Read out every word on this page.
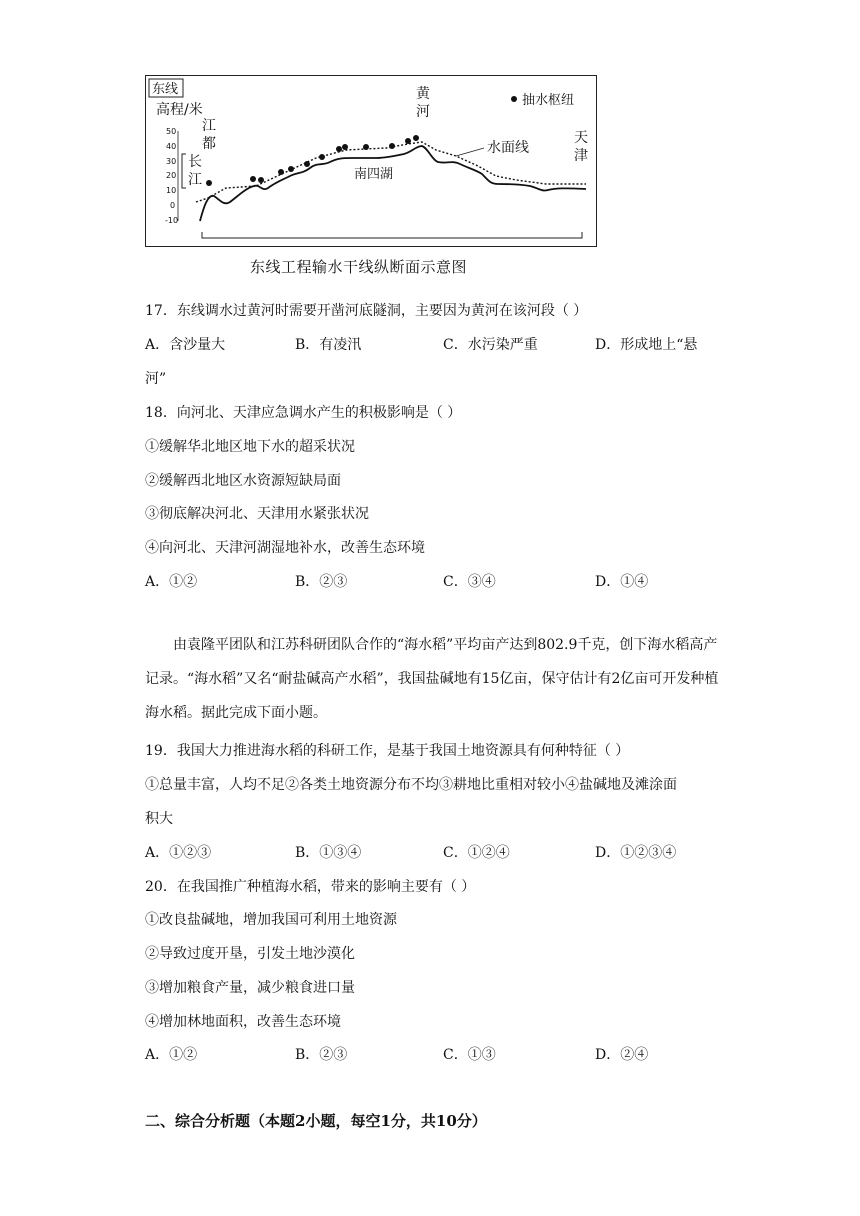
东线
高程/米
50
40
30
20
10
0
-10
江
都
长
江
黄
河
天
津
南四湖
水面线
抽水枢纽
东线工程输水干线纵断面示意图
17．东线调水过黄河时需要开凿河底隧洞，主要因为黄河在该河段（ ）
A．含沙量大	B．有凌汛	C．水污染严重	D．形成地上“悬
河”
18．向河北、天津应急调水产生的积极影响是（ ）
①缓解华北地区地下水的超采状况
②缓解西北地区水资源短缺局面
③彻底解决河北、天津用水紧张状况
④向河北、天津河湖湿地补水，改善生态环境
A．①②	B．②③	C．③④	D．①④
由袁隆平团队和江苏科研团队合作的“海水稻”平均亩产达到802.9千克，创下海水稻高产记录。“海水稻”又名“耐盐碱高产水稻”，我国盐碱地有15亿亩，保守估计有2亿亩可开发种植海水稻。据此完成下面小题。
19．我国大力推进海水稻的科研工作，是基于我国土地资源具有何种特征（ ）
①总量丰富，人均不足②各类土地资源分布不均③耕地比重相对较小④盐碱地及滩涂面
积大
A．①②③	B．①③④	C．①②④	D．①②③④
20．在我国推广种植海水稻，带来的影响主要有（ ）
①改良盐碱地，增加我国可利用土地资源
②导致过度开垦，引发土地沙漠化
③增加粮食产量，减少粮食进口量
④增加林地面积，改善生态环境
A．①②	B．②③	C．①③	D．②④
二、综合分析题（本题2小题，每空1分，共10分）
